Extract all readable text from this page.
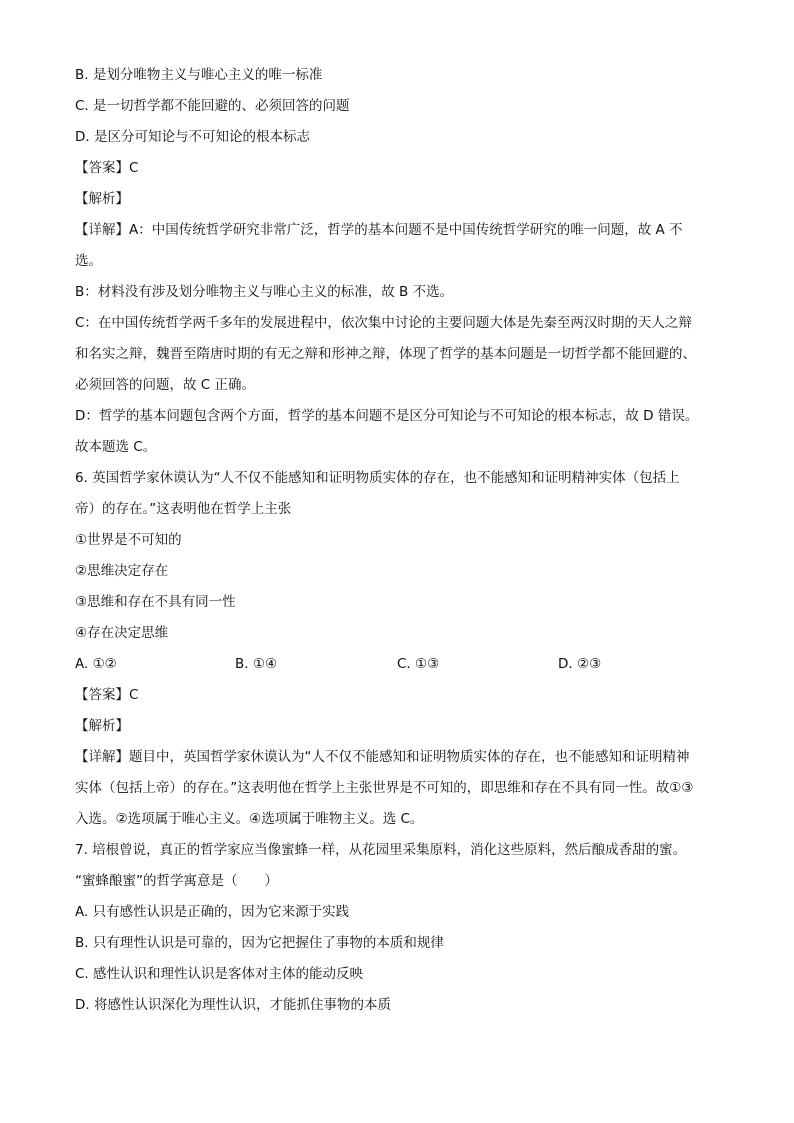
B. 是划分唯物主义与唯心主义的唯一标准
C. 是一切哲学都不能回避的、必须回答的问题
D. 是区分可知论与不可知论的根本标志
【答案】C
【解析】
【详解】A：中国传统哲学研究非常广泛，哲学的基本问题不是中国传统哲学研究的唯一问题，故 A 不
选。
B：材料没有涉及划分唯物主义与唯心主义的标准，故 B 不选。
C：在中国传统哲学两千多年的发展进程中，依次集中讨论的主要问题大体是先秦至两汉时期的天人之辩
和名实之辩，魏晋至隋唐时期的有无之辩和形神之辩，体现了哲学的基本问题是一切哲学都不能回避的、
必须回答的问题，故 C 正确。
D：哲学的基本问题包含两个方面，哲学的基本问题不是区分可知论与不可知论的根本标志，故 D 错误。
故本题选 C。
6. 英国哲学家休谟认为“人不仅不能感知和证明物质实体的存在，也不能感知和证明精神实体（包括上
帝）的存在。”这表明他在哲学上主张
①世界是不可知的
②思维决定存在
③思维和存在不具有同一性
④存在决定思维
A. ①②	B. ①④	C. ①③	D. ②③
【答案】C
【解析】
【详解】题目中，英国哲学家休谟认为“人不仅不能感知和证明物质实体的存在，也不能感知和证明精神
实体（包括上帝）的存在。”这表明他在哲学上主张世界是不可知的，即思维和存在不具有同一性。故①③
入选。②选项属于唯心主义。④选项属于唯物主义。选 C。
7. 培根曾说，真正的哲学家应当像蜜蜂一样，从花园里采集原料，消化这些原料，然后酿成香甜的蜜。
“蜜蜂酿蜜”的哲学寓意是（　　）
A. 只有感性认识是正确的，因为它来源于实践
B. 只有理性认识是可靠的，因为它把握住了事物的本质和规律
C. 感性认识和理性认识是客体对主体的能动反映
D. 将感性认识深化为理性认识，才能抓住事物的本质
